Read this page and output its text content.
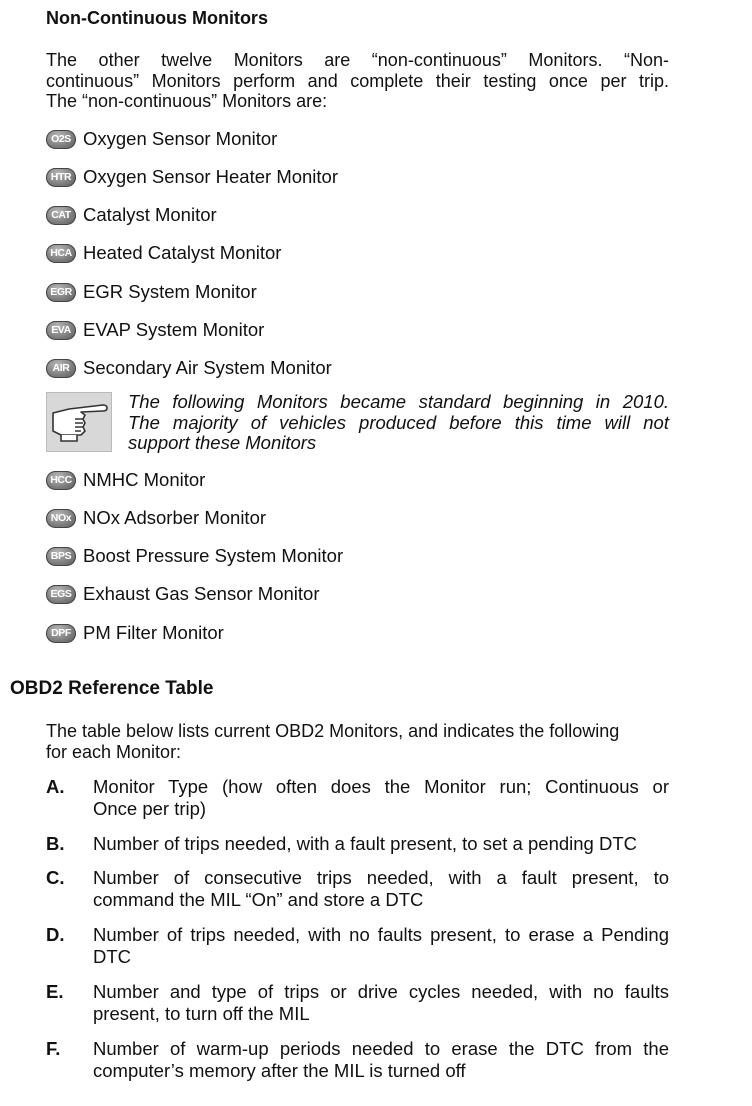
Non-Continuous Monitors
The other twelve Monitors are “non-continuous” Monitors. “Non-
continuous” Monitors perform and complete their testing once per trip.
The “non-continuous” Monitors are:
O2S Oxygen Sensor Monitor
HTR Oxygen Sensor Heater Monitor
CAT Catalyst Monitor
HCA Heated Catalyst Monitor
EGR EGR System Monitor
EVA EVAP System Monitor
AIR Secondary Air System Monitor
The following Monitors became standard beginning in 2010.
The majority of vehicles produced before this time will not
support these Monitors
HCC NMHC Monitor
NOx NOx Adsorber Monitor
BPS Boost Pressure System Monitor
EGS Exhaust Gas Sensor Monitor
DPF PM Filter Monitor
OBD2 Reference Table
The table below lists current OBD2 Monitors, and indicates the following
for each Monitor:
A. Monitor Type (how often does the Monitor run; Continuous or
Once per trip)
B. Number of trips needed, with a fault present, to set a pending DTC
C. Number of consecutive trips needed, with a fault present, to
command the MIL “On” and store a DTC
D. Number of trips needed, with no faults present, to erase a Pending
DTC
E. Number and type of trips or drive cycles needed, with no faults
present, to turn off the MIL
F. Number of warm-up periods needed to erase the DTC from the
computer’s memory after the MIL is turned off
